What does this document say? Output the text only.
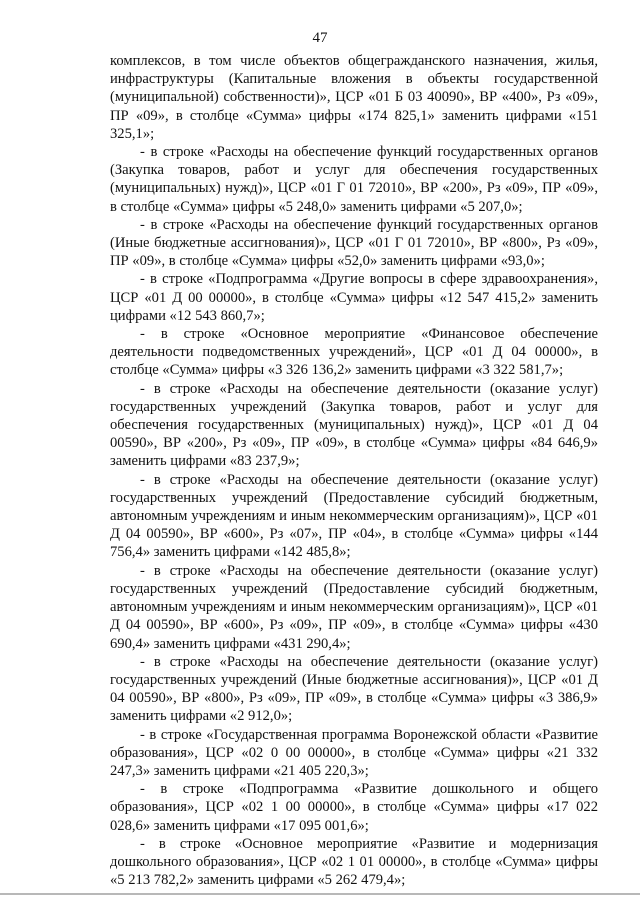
47

комплексов, в том числе объектов общегражданского назначения, жилья, инфраструктуры (Капитальные вложения в объекты государственной (муниципальной) собственности)», ЦСР «01 Б 03 40090», ВР «400», Рз «09», ПР «09», в столбце «Сумма» цифры «174 825,1» заменить цифрами «151 325,1»;

- в строке «Расходы на обеспечение функций государственных органов (Закупка товаров, работ и услуг для обеспечения государственных (муниципальных) нужд)», ЦСР «01 Г 01 72010», ВР «200», Рз «09», ПР «09», в столбце «Сумма» цифры «5 248,0» заменить цифрами «5 207,0»;

- в строке «Расходы на обеспечение функций государственных органов (Иные бюджетные ассигнования)», ЦСР «01 Г 01 72010», ВР «800», Рз «09», ПР «09», в столбце «Сумма» цифры «52,0» заменить цифрами «93,0»;

- в строке «Подпрограмма «Другие вопросы в сфере здравоохранения», ЦСР «01 Д 00 00000», в столбце «Сумма» цифры «12 547 415,2» заменить цифрами «12 543 860,7»;

- в строке «Основное мероприятие «Финансовое обеспечение деятельности подведомственных учреждений», ЦСР «01 Д 04 00000», в столбце «Сумма» цифры «3 326 136,2» заменить цифрами «3 322 581,7»;

- в строке «Расходы на обеспечение деятельности (оказание услуг) государственных учреждений (Закупка товаров, работ и услуг для обеспечения государственных (муниципальных) нужд)», ЦСР «01 Д 04 00590», ВР «200», Рз «09», ПР «09», в столбце «Сумма» цифры «84 646,9» заменить цифрами «83 237,9»;

- в строке «Расходы на обеспечение деятельности (оказание услуг) государственных учреждений (Предоставление субсидий бюджетным, автономным учреждениям и иным некоммерческим организациям)», ЦСР «01 Д 04 00590», ВР «600», Рз «07», ПР «04», в столбце «Сумма» цифры «144 756,4» заменить цифрами «142 485,8»;

- в строке «Расходы на обеспечение деятельности (оказание услуг) государственных учреждений (Предоставление субсидий бюджетным, автономным учреждениям и иным некоммерческим организациям)», ЦСР «01 Д 04 00590», ВР «600», Рз «09», ПР «09», в столбце «Сумма» цифры «430 690,4» заменить цифрами «431 290,4»;

- в строке «Расходы на обеспечение деятельности (оказание услуг) государственных учреждений (Иные бюджетные ассигнования)», ЦСР «01 Д 04 00590», ВР «800», Рз «09», ПР «09», в столбце «Сумма» цифры «3 386,9» заменить цифрами «2 912,0»;

- в строке «Государственная программа Воронежской области «Развитие образования», ЦСР «02 0 00 00000», в столбце «Сумма» цифры «21 332 247,3» заменить цифрами «21 405 220,3»;

- в строке «Подпрограмма «Развитие дошкольного и общего образования», ЦСР «02 1 00 00000», в столбце «Сумма» цифры «17 022 028,6» заменить цифрами «17 095 001,6»;

- в строке «Основное мероприятие «Развитие и модернизация дошкольного образования», ЦСР «02 1 01 00000», в столбце «Сумма» цифры «5 213 782,2» заменить цифрами «5 262 479,4»;
